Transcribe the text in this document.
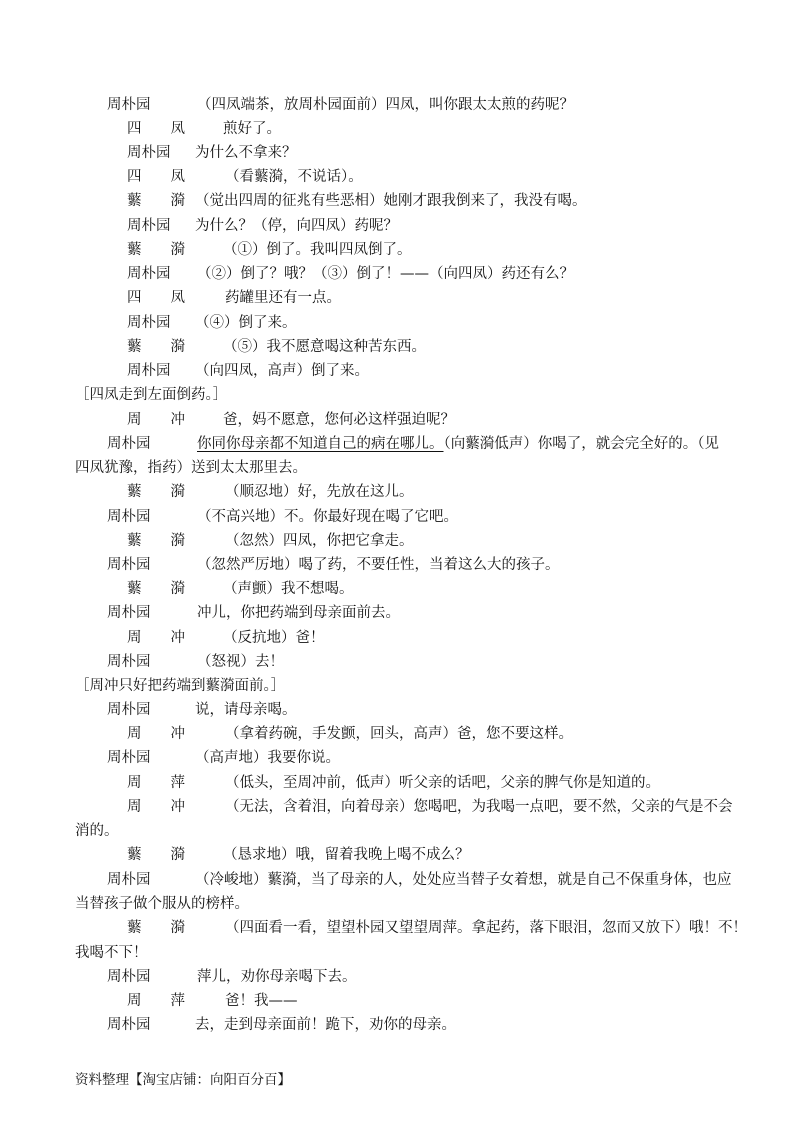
周朴园	（四凤端茶，放周朴园面前）四凤，叫你跟太太煎的药呢？
四　　凤	煎好了。
周朴园 为什么不拿来？
四　　凤	（看蘩漪，不说话）。
蘩　　漪 （觉出四周的征兆有些恶相）她刚才跟我倒来了，我没有喝。
周朴园 为什么？（停，向四凤）药呢？
蘩　　漪	（①）倒了。我叫四凤倒了。
周朴园 （②）倒了？哦？（③）倒了！——（向四凤）药还有么？
四　　凤	药罐里还有一点。
周朴园 （④）倒了来。
蘩　　漪	（⑤）我不愿意喝这种苦东西。
周朴园 （向四凤，高声）倒了来。
［四凤走到左面倒药。］
周　　冲	爸，妈不愿意，您何必这样强迫呢？
周朴园	你同你母亲都不知道自己的病在哪儿。（向蘩漪低声）你喝了，就会完全好的。（见
四凤犹豫，指药）送到太太那里去。
蘩　　漪	（顺忍地）好，先放在这儿。
周朴园	（不高兴地）不。你最好现在喝了它吧。
蘩　　漪	（忽然）四凤，你把它拿走。
周朴园	（忽然严厉地）喝了药，不要任性，当着这么大的孩子。
蘩　　漪	（声颤）我不想喝。
周朴园	冲儿，你把药端到母亲面前去。
周　　冲	（反抗地）爸！
周朴园	（怒视）去！
［周冲只好把药端到蘩漪面前。］
周朴园	说，请母亲喝。
周　　冲	（拿着药碗，手发颤，回头，高声）爸，您不要这样。
周朴园	（高声地）我要你说。
周　　萍	（低头，至周冲前，低声）听父亲的话吧，父亲的脾气你是知道的。
周　　冲	（无法，含着泪，向着母亲）您喝吧，为我喝一点吧，要不然，父亲的气是不会
消的。
蘩　　漪	（恳求地）哦，留着我晚上喝不成么？
周朴园	（冷峻地）蘩漪，当了母亲的人，处处应当替子女着想，就是自己不保重身体，也应
当替孩子做个服从的榜样。
蘩　　漪	（四面看一看，望望朴园又望望周萍。拿起药，落下眼泪，忽而又放下）哦！不！
我喝不下！
周朴园	萍儿，劝你母亲喝下去。
周　　萍	爸！我——
周朴园	去，走到母亲面前！跪下，劝你的母亲。
资料整理【淘宝店铺：向阳百分百】
